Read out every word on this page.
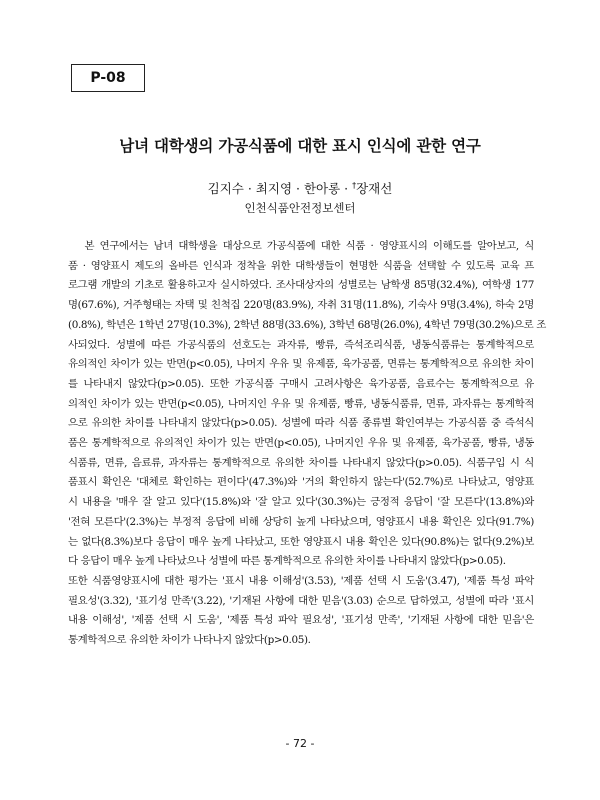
P-08
남녀 대학생의 가공식품에 대한 표시 인식에 관한 연구
김지수 · 최지영 · 한아롱 · †장재선
인천식품안전정보센터
본 연구에서는 남녀 대학생을 대상으로 가공식품에 대한 식품 · 영양표시의 이해도를 알아보고, 식
품 · 영양표시 제도의 올바른 인식과 정착을 위한 대학생들이 현명한 식품을 선택할 수 있도록 교육 프
로그램 개발의 기초로 활용하고자 실시하였다. 조사대상자의 성별로는 남학생 85명(32.4%), 여학생 177
명(67.6%), 거주형태는 자택 및 친척집 220명(83.9%), 자취 31명(11.8%), 기숙사 9명(3.4%), 하숙 2명
(0.8%), 학년은 1학년 27명(10.3%), 2학년 88명(33.6%), 3학년 68명(26.0%), 4학년 79명(30.2%)으로 조
사되었다. 성별에 따른 가공식품의 선호도는 과자류, 빵류, 즉석조리식품, 냉동식품류는 통계학적으로
유의적인 차이가 있는 반면(p<0.05), 나머지 우유 및 유제품, 육가공품, 면류는 통계학적으로 유의한 차이
를 나타내지 않았다(p>0.05). 또한 가공식품 구매시 고려사항은 육가공품, 음료수는 통계학적으로 유
의적인 차이가 있는 반면(p<0.05), 나머지인 우유 및 유제품, 빵류, 냉동식품류, 면류, 과자류는 통계학적
으로 유의한 차이를 나타내지 않았다(p>0.05). 성별에 따라 식품 종류별 확인여부는 가공식품 중 즉석식
품은 통계학적으로 유의적인 차이가 있는 반면(p<0.05), 나머지인 우유 및 유제품, 육가공품, 빵류, 냉동
식품류, 면류, 음료류, 과자류는 통계학적으로 유의한 차이를 나타내지 않았다(p>0.05). 식품구입 시 식
품표시 확인은 '대체로 확인하는 편이다'(47.3%)와 '거의 확인하지 않는다'(52.7%)로 나타났고, 영양표
시 내용을 '매우 잘 알고 있다'(15.8%)와 '잘 알고 있다'(30.3%)는 긍정적 응답이 '잘 모른다'(13.8%)와
'전혀 모른다'(2.3%)는 부정적 응답에 비해 상당히 높게 나타났으며, 영양표시 내용 확인은 있다(91.7%)
는 없다(8.3%)보다 응답이 매우 높게 나타났고, 또한 영양표시 내용 확인은 있다(90.8%)는 없다(9.2%)보
다 응답이 매우 높게 나타났으나 성별에 따른 통계학적으로 유의한 차이를 나타내지 않았다(p>0.05).
또한 식품영양표시에 대한 평가는 '표시 내용 이해성'(3.53), '제품 선택 시 도움'(3.47), '제품 특성 파악
필요성'(3.32), '표기성 만족'(3.22), '기재된 사항에 대한 믿음'(3.03) 순으로 답하였고, 성별에 따라 '표시
내용 이해성', '제품 선택 시 도움', '제품 특성 파악 필요성', '표기성 만족', '기재된 사항에 대한 믿음'은
통계학적으로 유의한 차이가 나타나지 않았다(p>0.05).
- 72 -
